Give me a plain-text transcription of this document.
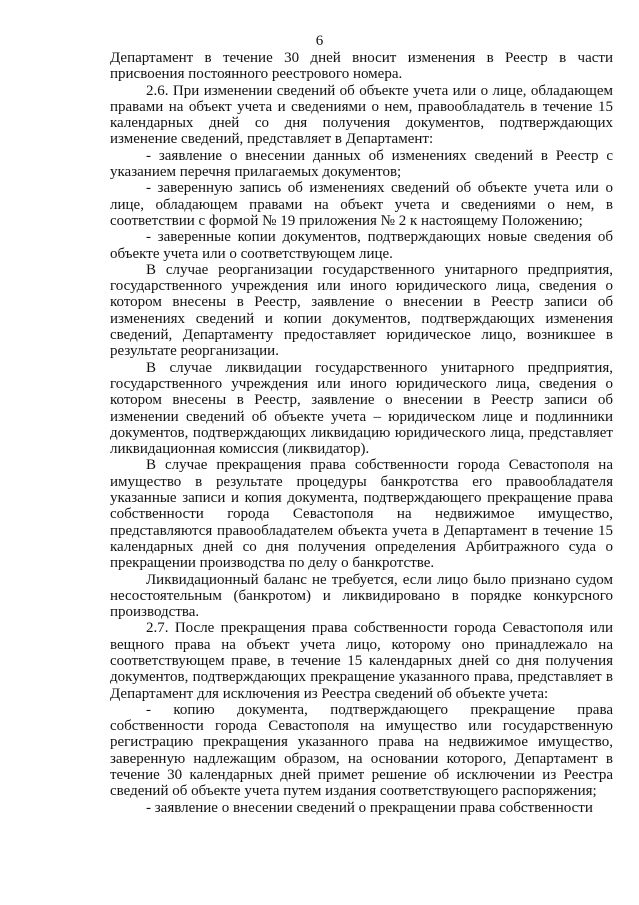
6

Департамент в течение 30 дней вносит изменения в Реестр в части присвоения постоянного реестрового номера.

2.6. При изменении сведений об объекте учета или о лице, обладающем правами на объект учета и сведениями о нем, правообладатель в течение 15 календарных дней со дня получения документов, подтверждающих изменение сведений, представляет в Департамент:

- заявление о внесении данных об изменениях сведений в Реестр с указанием перечня прилагаемых документов;

- заверенную запись об изменениях сведений об объекте учета или о лице, обладающем правами на объект учета и сведениями о нем, в соответствии с формой № 19 приложения № 2 к настоящему Положению;

- заверенные копии документов, подтверждающих новые сведения об объекте учета или о соответствующем лице.

В случае реорганизации государственного унитарного предприятия, государственного учреждения или иного юридического лица, сведения о котором внесены в Реестр, заявление о внесении в Реестр записи об изменениях сведений и копии документов, подтверждающих изменения сведений, Департаменту предоставляет юридическое лицо, возникшее в результате реорганизации.

В случае ликвидации государственного унитарного предприятия, государственного учреждения или иного юридического лица, сведения о котором внесены в Реестр, заявление о внесении в Реестр записи об изменении сведений об объекте учета – юридическом лице и подлинники документов, подтверждающих ликвидацию юридического лица, представляет ликвидационная комиссия (ликвидатор).

В случае прекращения права собственности города Севастополя на имущество в результате процедуры банкротства его правообладателя указанные записи и копия документа, подтверждающего прекращение права собственности города Севастополя на недвижимое имущество, представляются правообладателем объекта учета в Департамент в течение 15 календарных дней со дня получения определения Арбитражного суда о прекращении производства по делу о банкротстве.

Ликвидационный баланс не требуется, если лицо было признано судом несостоятельным (банкротом) и ликвидировано в порядке конкурсного производства.

2.7. После прекращения права собственности города Севастополя или вещного права на объект учета лицо, которому оно принадлежало на соответствующем праве, в течение 15 календарных дней со дня получения документов, подтверждающих прекращение указанного права, представляет в Департамент для исключения из Реестра сведений об объекте учета:

- копию документа, подтверждающего прекращение права собственности города Севастополя на имущество или государственную регистрацию прекращения указанного права на недвижимое имущество, заверенную надлежащим образом, на основании которого, Департамент в течение 30 календарных дней примет решение об исключении из Реестра сведений об объекте учета путем издания соответствующего распоряжения;

- заявление о внесении сведений о прекращении права собственности
